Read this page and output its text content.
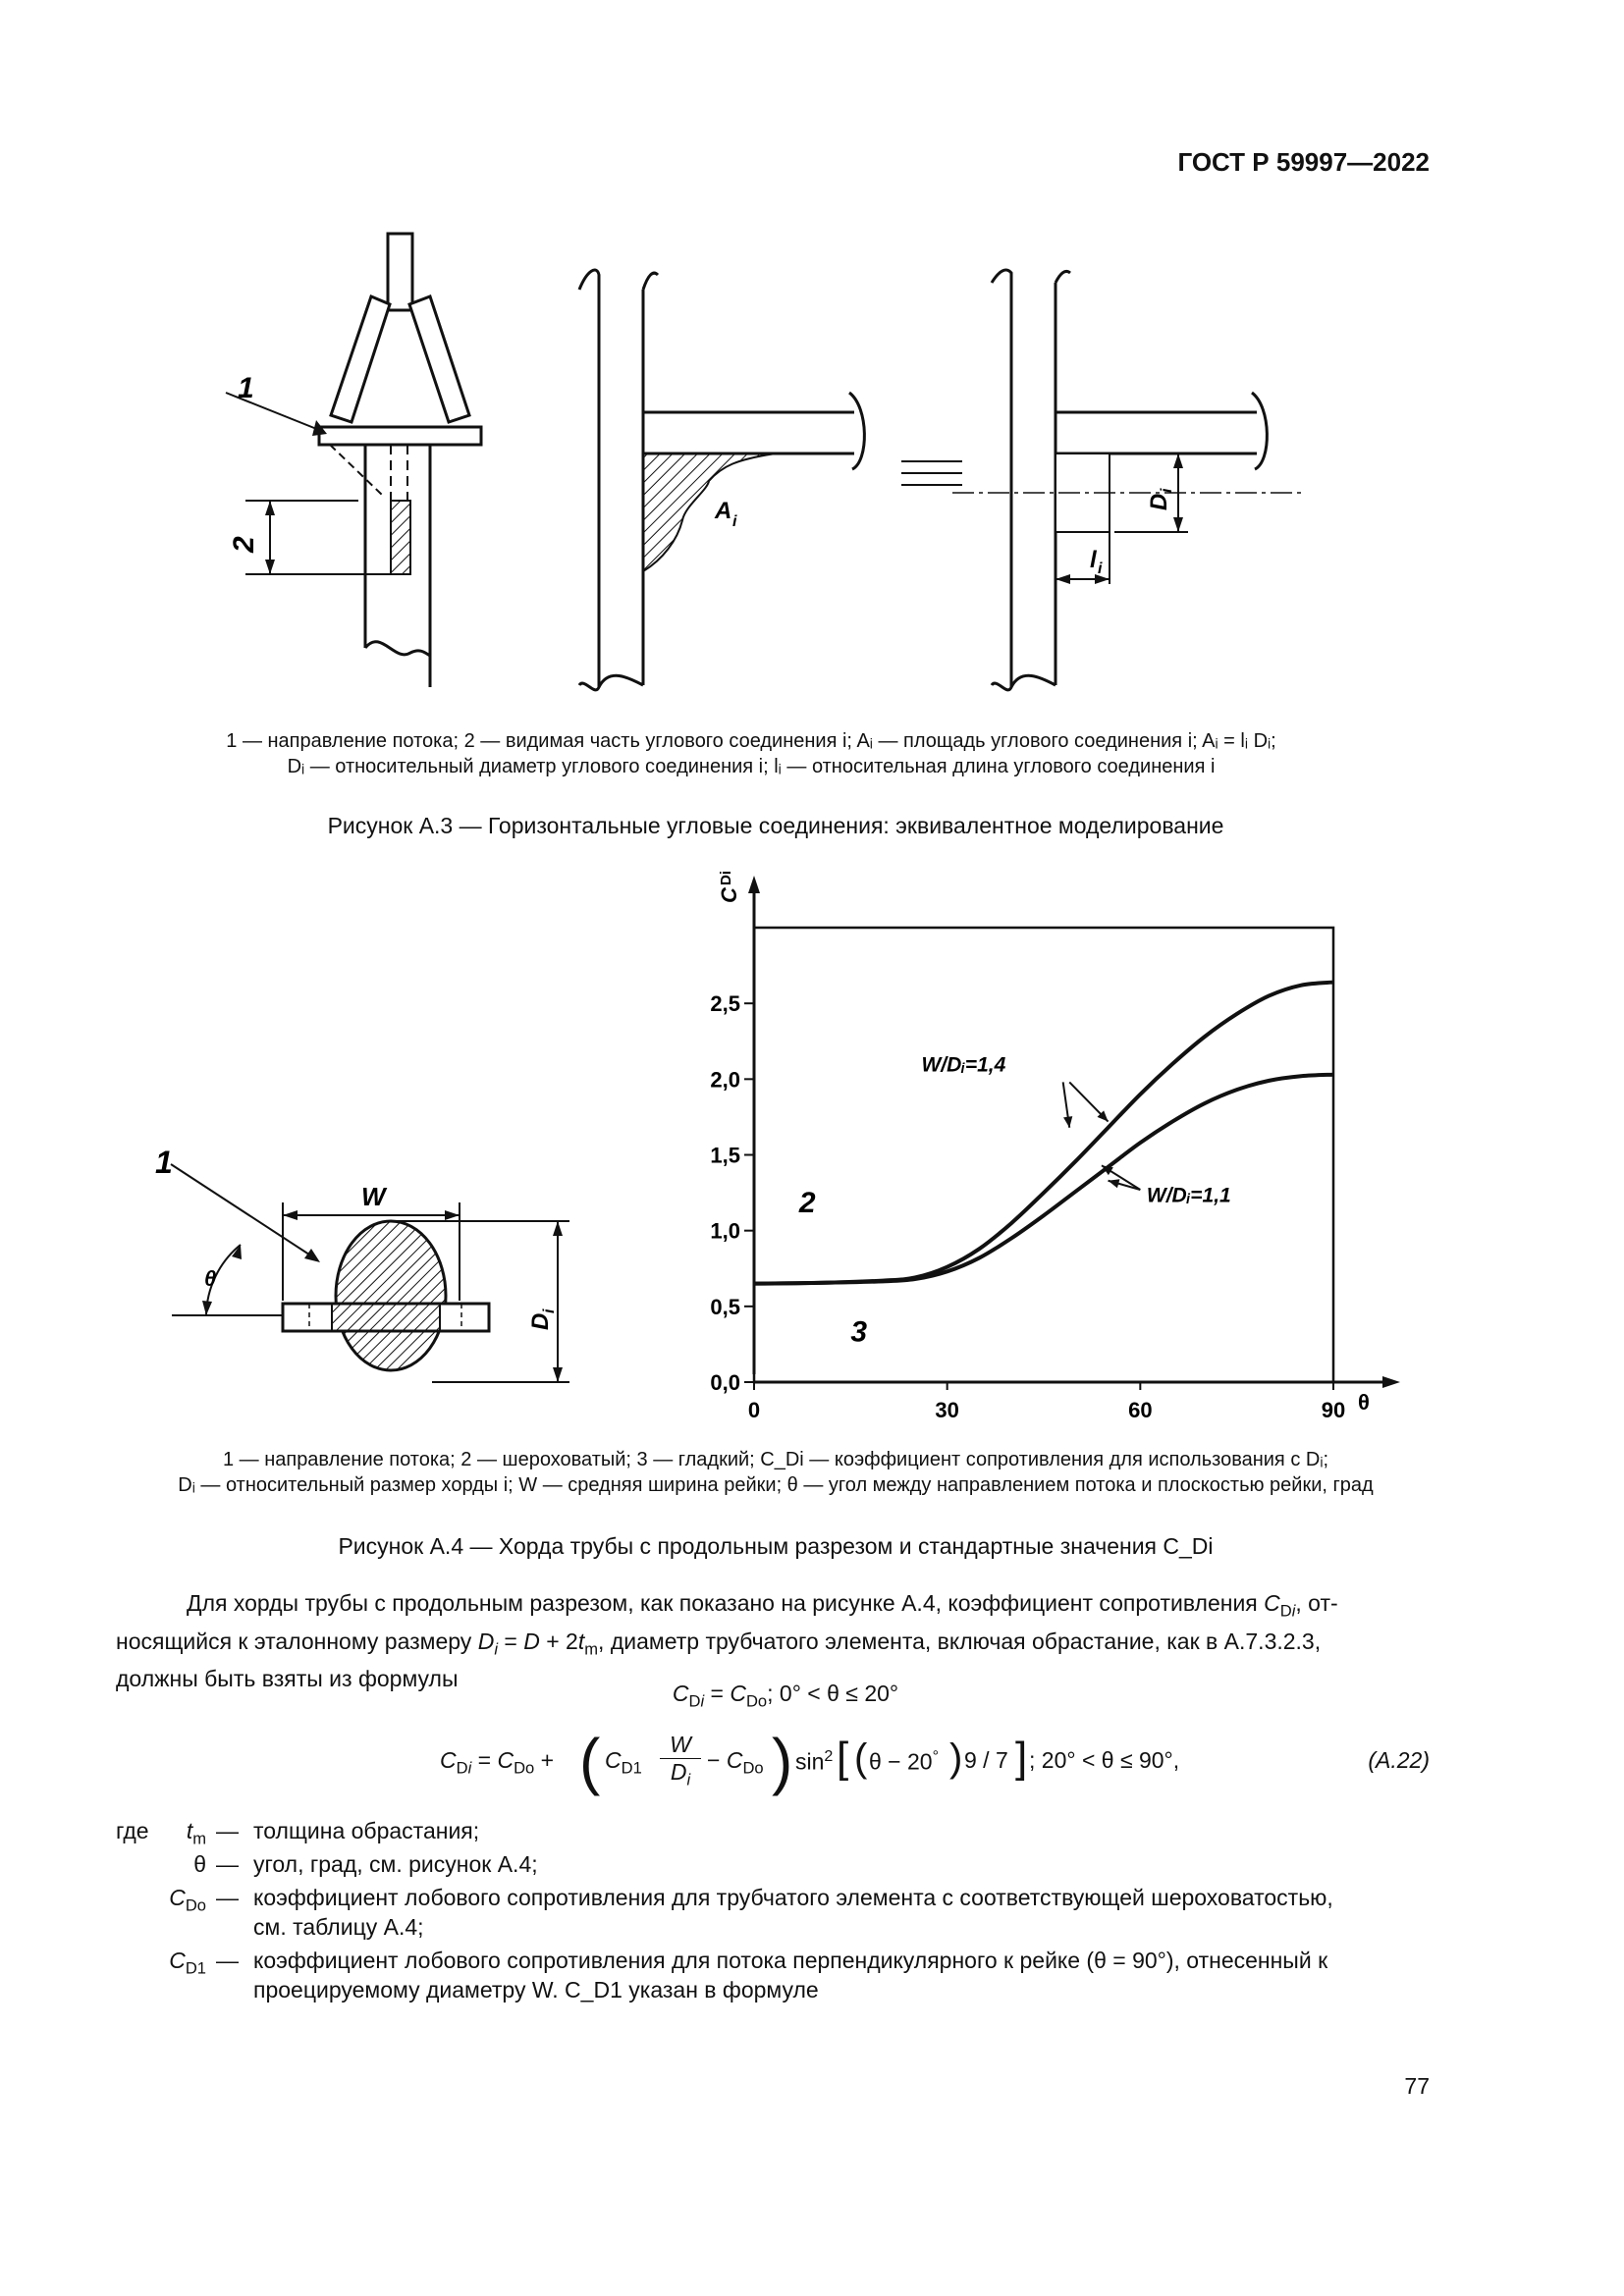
ГОСТ Р 59997—2022
1
2
A i
D
i
l i
1 — направление потока; 2 — видимая часть углового соединения i; Aᵢ — площадь углового соединения i; Aᵢ = lᵢ Dᵢ;
Dᵢ — относительный диаметр углового соединения i; lᵢ — относительная длина углового соединения i
Рисунок А.3 — Горизонтальные угловые соединения: эквивалентное моделирование
1
θ
W
D
i
0,0
0,5
1,0
1,5
2,0
2,5
0	30	60	90
W/Dᵢ=1,4
W/Dᵢ=1,1
2
3
C
Di
θ
1 — направление потока; 2 — шероховатый; 3 — гладкий; C_Di — коэффициент сопротивления для использования с Dᵢ;
Dᵢ — относительный размер хорды i; W — средняя ширина рейки; θ — угол между направлением потока и плоскостью рейки, град
Рисунок А.4 — Хорда трубы с продольным разрезом и стандартные значения C_Di
Для хорды трубы с продольным разрезом, как показано на рисунке А.4, коэффициент сопротивления $C_{Di}$, от-
носящийся к эталонному размеру $D_i = D + 2t_m$, диаметр трубчатого элемента, включая обрастание, как в А.7.3.2.3,
должны быть взяты из формулы
$C_{Di} = C_{Do}$; 0° < θ ≤ 20°
$C_{Di} = C_{Do}$ + ( $C_{D1}$
W
$D_i$
− $C_{Do}$ ) $\sin^2$ [ ( θ − 20° ) 9 / 7 ] ; 20° < θ ≤ 90°,	(A.22)
где	$t_m$ — толщина обрастания;
θ — угол, град, см. рисунок А.4;
$C_{Do}$ — коэффициент лобового сопротивления для трубчатого элемента с соответствующей шероховатостью,
см. таблицу А.4;
$C_{D1}$ — коэффициент лобового сопротивления для потока перпендикулярного к рейке (θ = 90°), отнесенный к
проецируемому диаметру W. C_D1 указан в формуле
77
